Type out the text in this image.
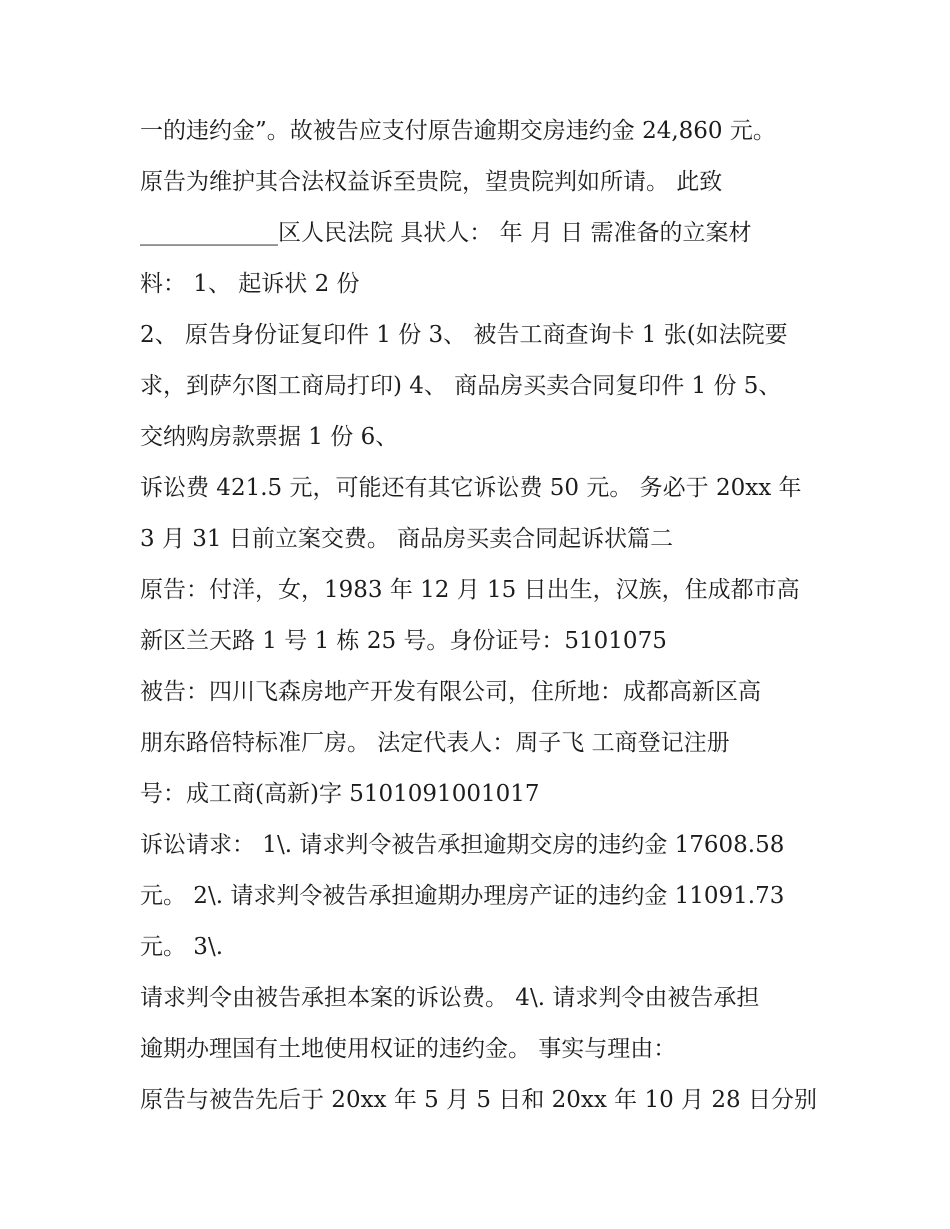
一的违约金”。故被告应支付原告逾期交房违约金 24,860 元。
原告为维护其合法权益诉至贵院，望贵院判如所请。 此致
____________区人民法院 具状人： 年 月 日 需准备的立案材
料： 1、 起诉状 2 份
2、 原告身份证复印件 1 份 3、 被告工商查询卡 1 张(如法院要
求，到萨尔图工商局打印) 4、 商品房买卖合同复印件 1 份 5、
交纳购房款票据 1 份 6、
诉讼费 421.5 元，可能还有其它诉讼费 50 元。 务必于 20xx 年
3 月 31 日前立案交费。 商品房买卖合同起诉状篇二
原告：付洋，女，1983 年 12 月 15 日出生，汉族，住成都市高
新区兰天路 1 号 1 栋 25 号。身份证号：5101075
被告：四川飞森房地产开发有限公司，住所地：成都高新区高
朋东路倍特标准厂房。 法定代表人：周子飞 工商登记注册
号：成工商(高新)字 5101091001017
诉讼请求： 1\. 请求判令被告承担逾期交房的违约金 17608.58
元。 2\. 请求判令被告承担逾期办理房产证的违约金 11091.73
元。 3\.
请求判令由被告承担本案的诉讼费。 4\. 请求判令由被告承担
逾期办理国有土地使用权证的违约金。 事实与理由：
原告与被告先后于 20xx 年 5 月 5 日和 20xx 年 10 月 28 日分别
